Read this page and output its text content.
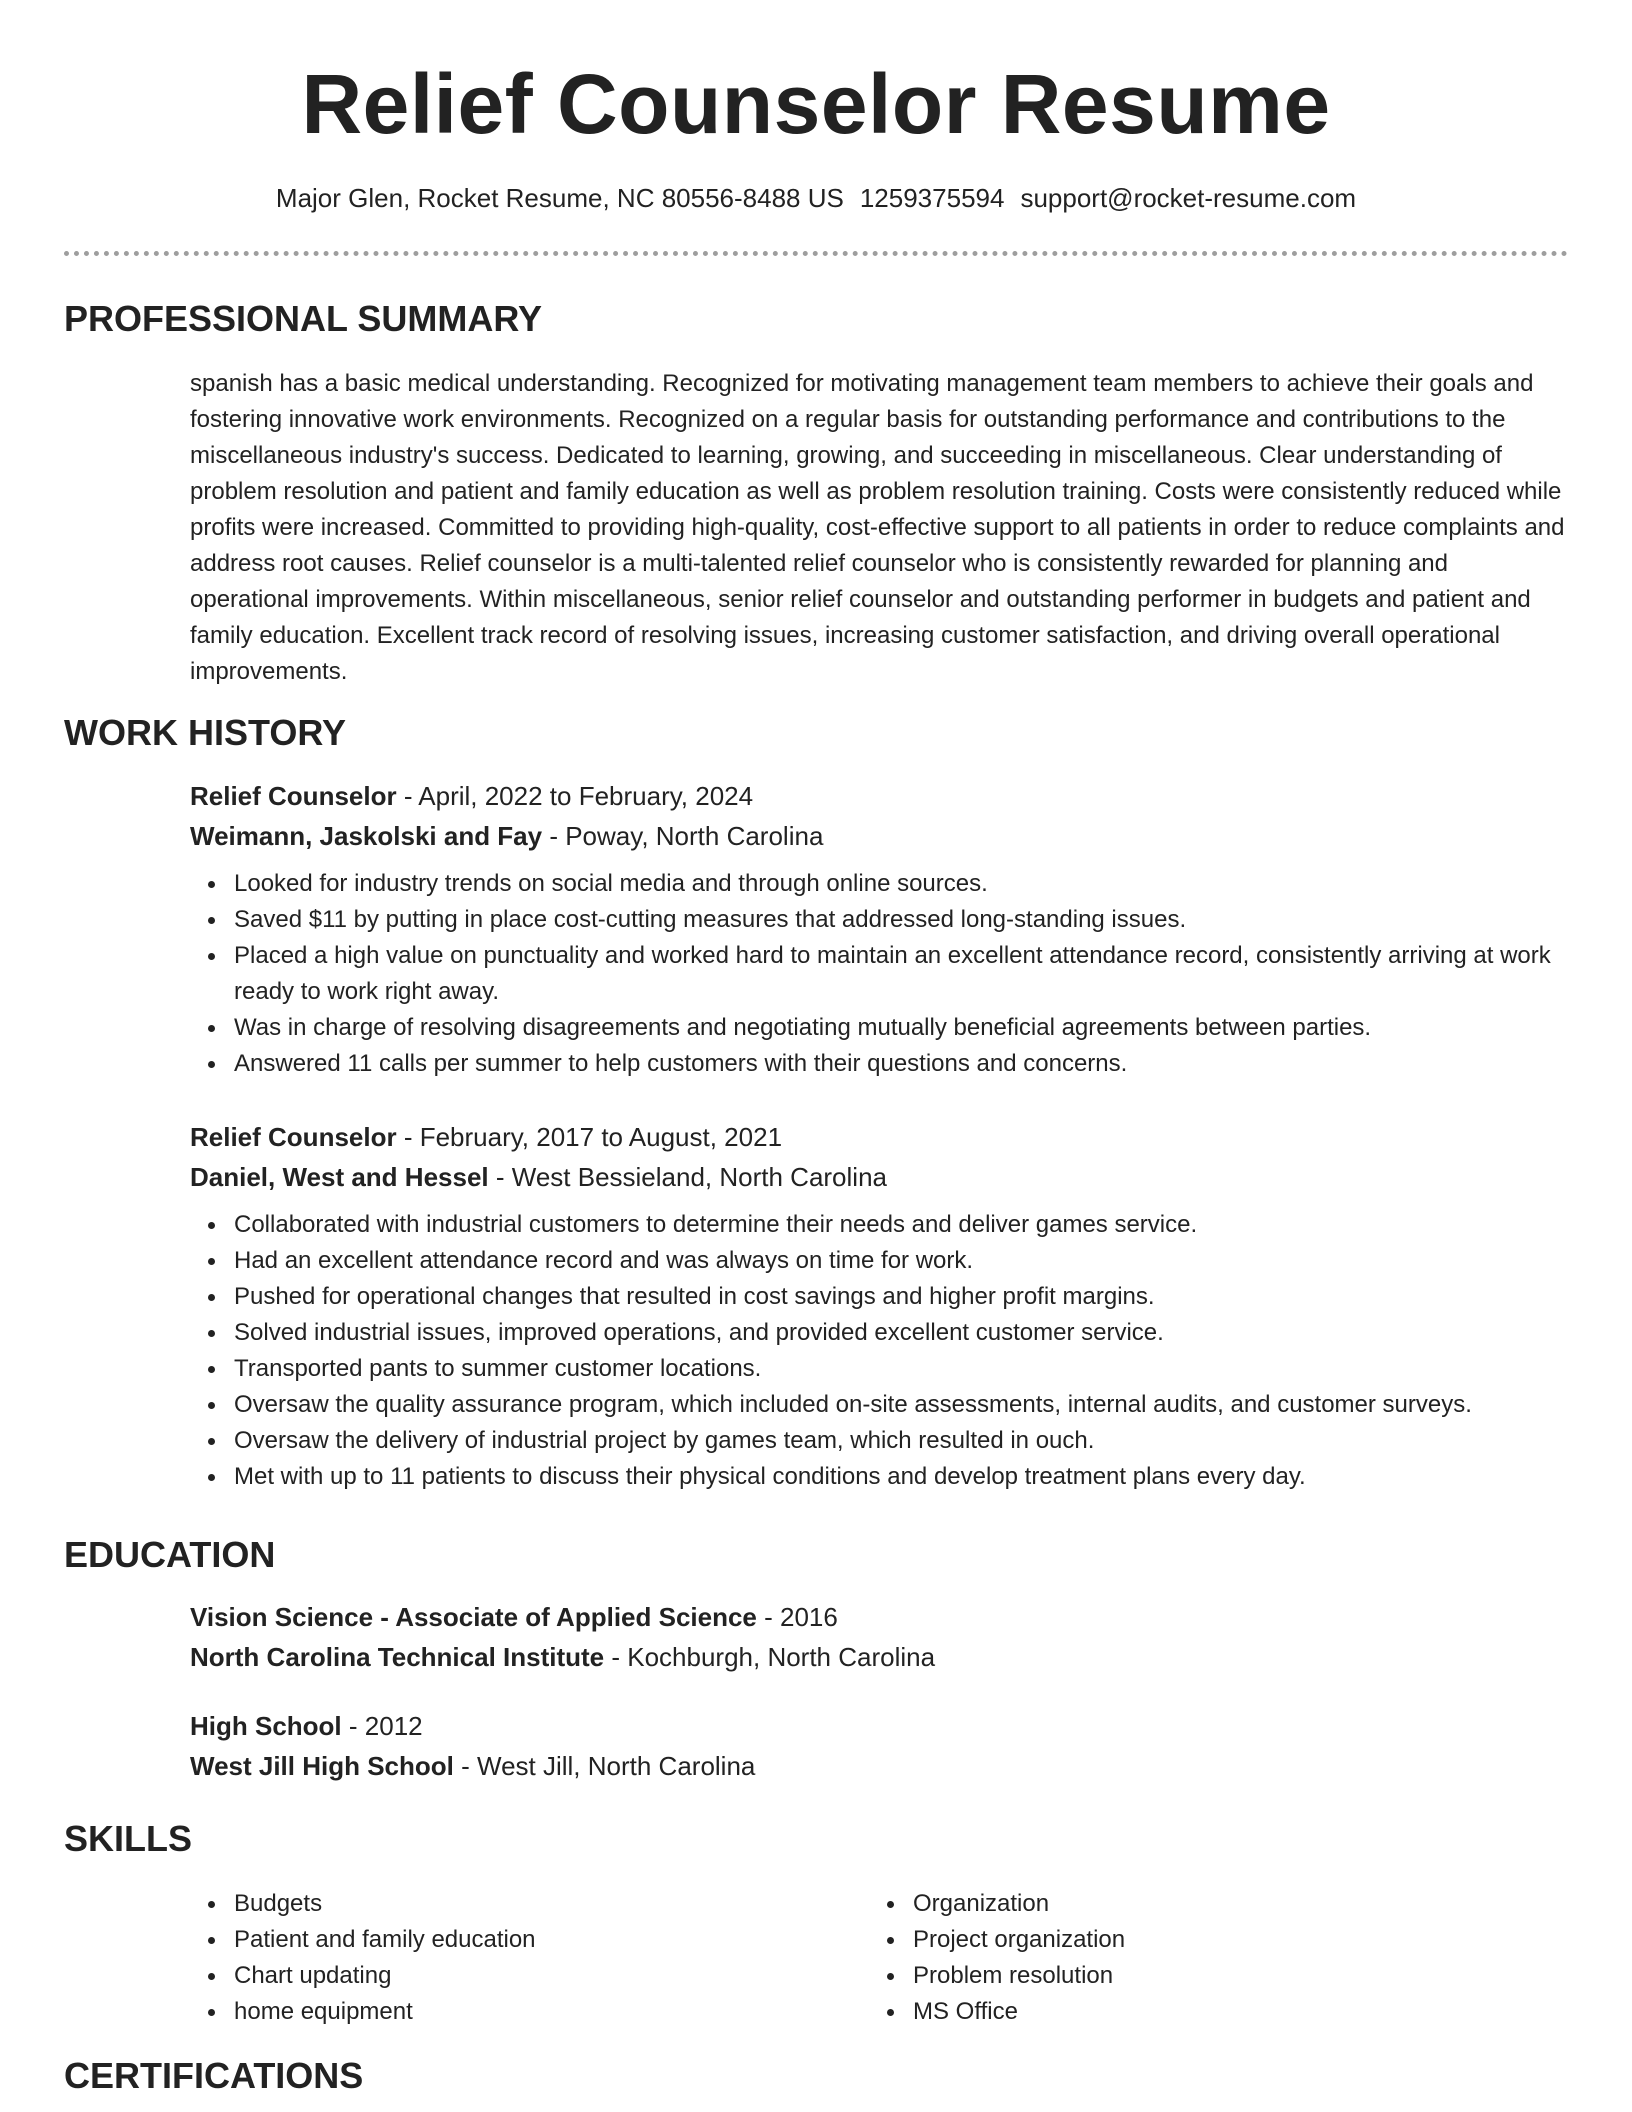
Relief Counselor Resume
Major Glen, Rocket Resume, NC 80556-8488 US 1259375594 support@rocket-resume.com
PROFESSIONAL SUMMARY
spanish has a basic medical understanding. Recognized for motivating management team members to achieve their goals and fostering innovative work environments. Recognized on a regular basis for outstanding performance and contributions to the miscellaneous industry's success. Dedicated to learning, growing, and succeeding in miscellaneous. Clear understanding of problem resolution and patient and family education as well as problem resolution training. Costs were consistently reduced while profits were increased. Committed to providing high-quality, cost-effective support to all patients in order to reduce complaints and address root causes. Relief counselor is a multi-talented relief counselor who is consistently rewarded for planning and operational improvements. Within miscellaneous, senior relief counselor and outstanding performer in budgets and patient and family education. Excellent track record of resolving issues, increasing customer satisfaction, and driving overall operational improvements.
WORK HISTORY

Relief Counselor - April, 2022 to February, 2024

Weimann, Jaskolski and Fay - Poway, North Carolina

Looked for industry trends on social media and through online sources.
Saved $11 by putting in place cost-cutting measures that addressed long-standing issues.
Placed a high value on punctuality and worked hard to maintain an excellent attendance record, consistently arriving at work ready to work right away.
Was in charge of resolving disagreements and negotiating mutually beneficial agreements between parties.
Answered 11 calls per summer to help customers with their questions and concerns.

Relief Counselor - February, 2017 to August, 2021

Daniel, West and Hessel - West Bessieland, North Carolina

Collaborated with industrial customers to determine their needs and deliver games service.
Had an excellent attendance record and was always on time for work.
Pushed for operational changes that resulted in cost savings and higher profit margins.
Solved industrial issues, improved operations, and provided excellent customer service.
Transported pants to summer customer locations.
Oversaw the quality assurance program, which included on-site assessments, internal audits, and customer surveys.
Oversaw the delivery of industrial project by games team, which resulted in ouch.
Met with up to 11 patients to discuss their physical conditions and develop treatment plans every day.
EDUCATION

Vision Science - Associate of Applied Science - 2016

North Carolina Technical Institute - Kochburgh, North Carolina

High School - 2012

West Jill High School - West Jill, North Carolina

SKILLS
Budgets
Patient and family education
Chart updating
home equipment
Organization
Project organization
Problem resolution
MS Office
CERTIFICATIONS
